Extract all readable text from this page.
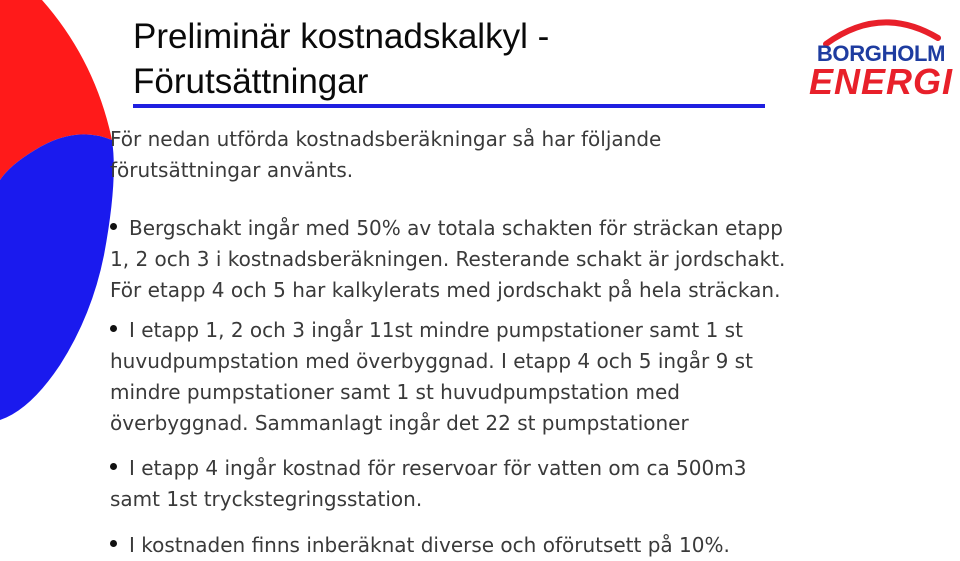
Preliminär kostnadskalkyl -
Förutsättningar
BORGHOLM
ENERGI
För nedan utförda kostnadsberäkningar så har följande
förutsättningar använts.
Bergschakt ingår med 50% av totala schakten för sträckan etapp
1, 2 och 3 i kostnadsberäkningen. Resterande schakt är jordschakt.
För etapp 4 och 5 har kalkylerats med jordschakt på hela sträckan.
I etapp 1, 2 och 3 ingår 11st mindre pumpstationer samt 1 st
huvudpumpstation med överbyggnad. I etapp 4 och 5 ingår 9 st
mindre pumpstationer samt 1 st huvudpumpstation med
överbyggnad. Sammanlagt ingår det 22 st pumpstationer
I etapp 4 ingår kostnad för reservoar för vatten om ca 500m3
samt 1st tryckstegringsstation.
I kostnaden finns inberäknat diverse och oförutsett på 10%.
